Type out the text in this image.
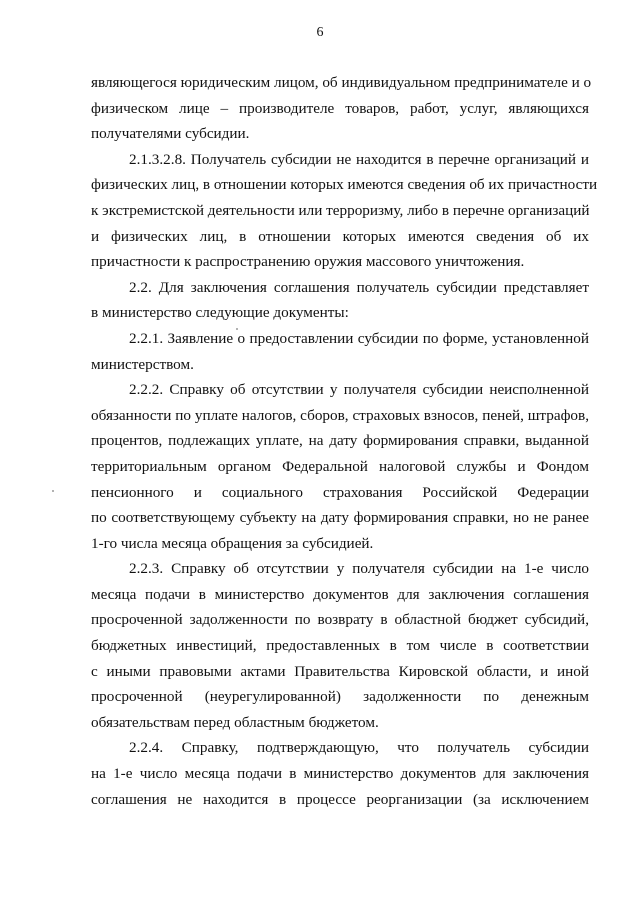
6
являющегося юридическим лицом, об индивидуальном предпринимателе и о
физическом лице – производителе товаров, работ, услуг, являющихся
получателями субсидии.
2.1.3.2.8. Получатель субсидии не находится в перечне организаций и
физических лиц, в отношении которых имеются сведения об их причастности
к экстремистской деятельности или терроризму, либо в перечне организаций
и физических лиц, в отношении которых имеются сведения об их
причастности к распространению оружия массового уничтожения.
2.2. Для заключения соглашения получатель субсидии представляет
в министерство следующие документы:
2.2.1. Заявление о предоставлении субсидии по форме, установленной
министерством.
2.2.2. Справку об отсутствии у получателя субсидии неисполненной
обязанности по уплате налогов, сборов, страховых взносов, пеней, штрафов,
процентов, подлежащих уплате, на дату формирования справки, выданной
территориальным органом Федеральной налоговой службы и Фондом
пенсионного и социального страхования Российской Федерации
по соответствующему субъекту на дату формирования справки, но не ранее
1-го числа месяца обращения за субсидией.
2.2.3. Справку об отсутствии у получателя субсидии на 1-е число
месяца подачи в министерство документов для заключения соглашения
просроченной задолженности по возврату в областной бюджет субсидий,
бюджетных инвестиций, предоставленных в том числе в соответствии
с иными правовыми актами Правительства Кировской области, и иной
просроченной (неурегулированной) задолженности по денежным
обязательствам перед областным бюджетом.
2.2.4. Справку, подтверждающую, что получатель субсидии
на 1-е число месяца подачи в министерство документов для заключения
соглашения не находится в процессе реорганизации (за исключением
